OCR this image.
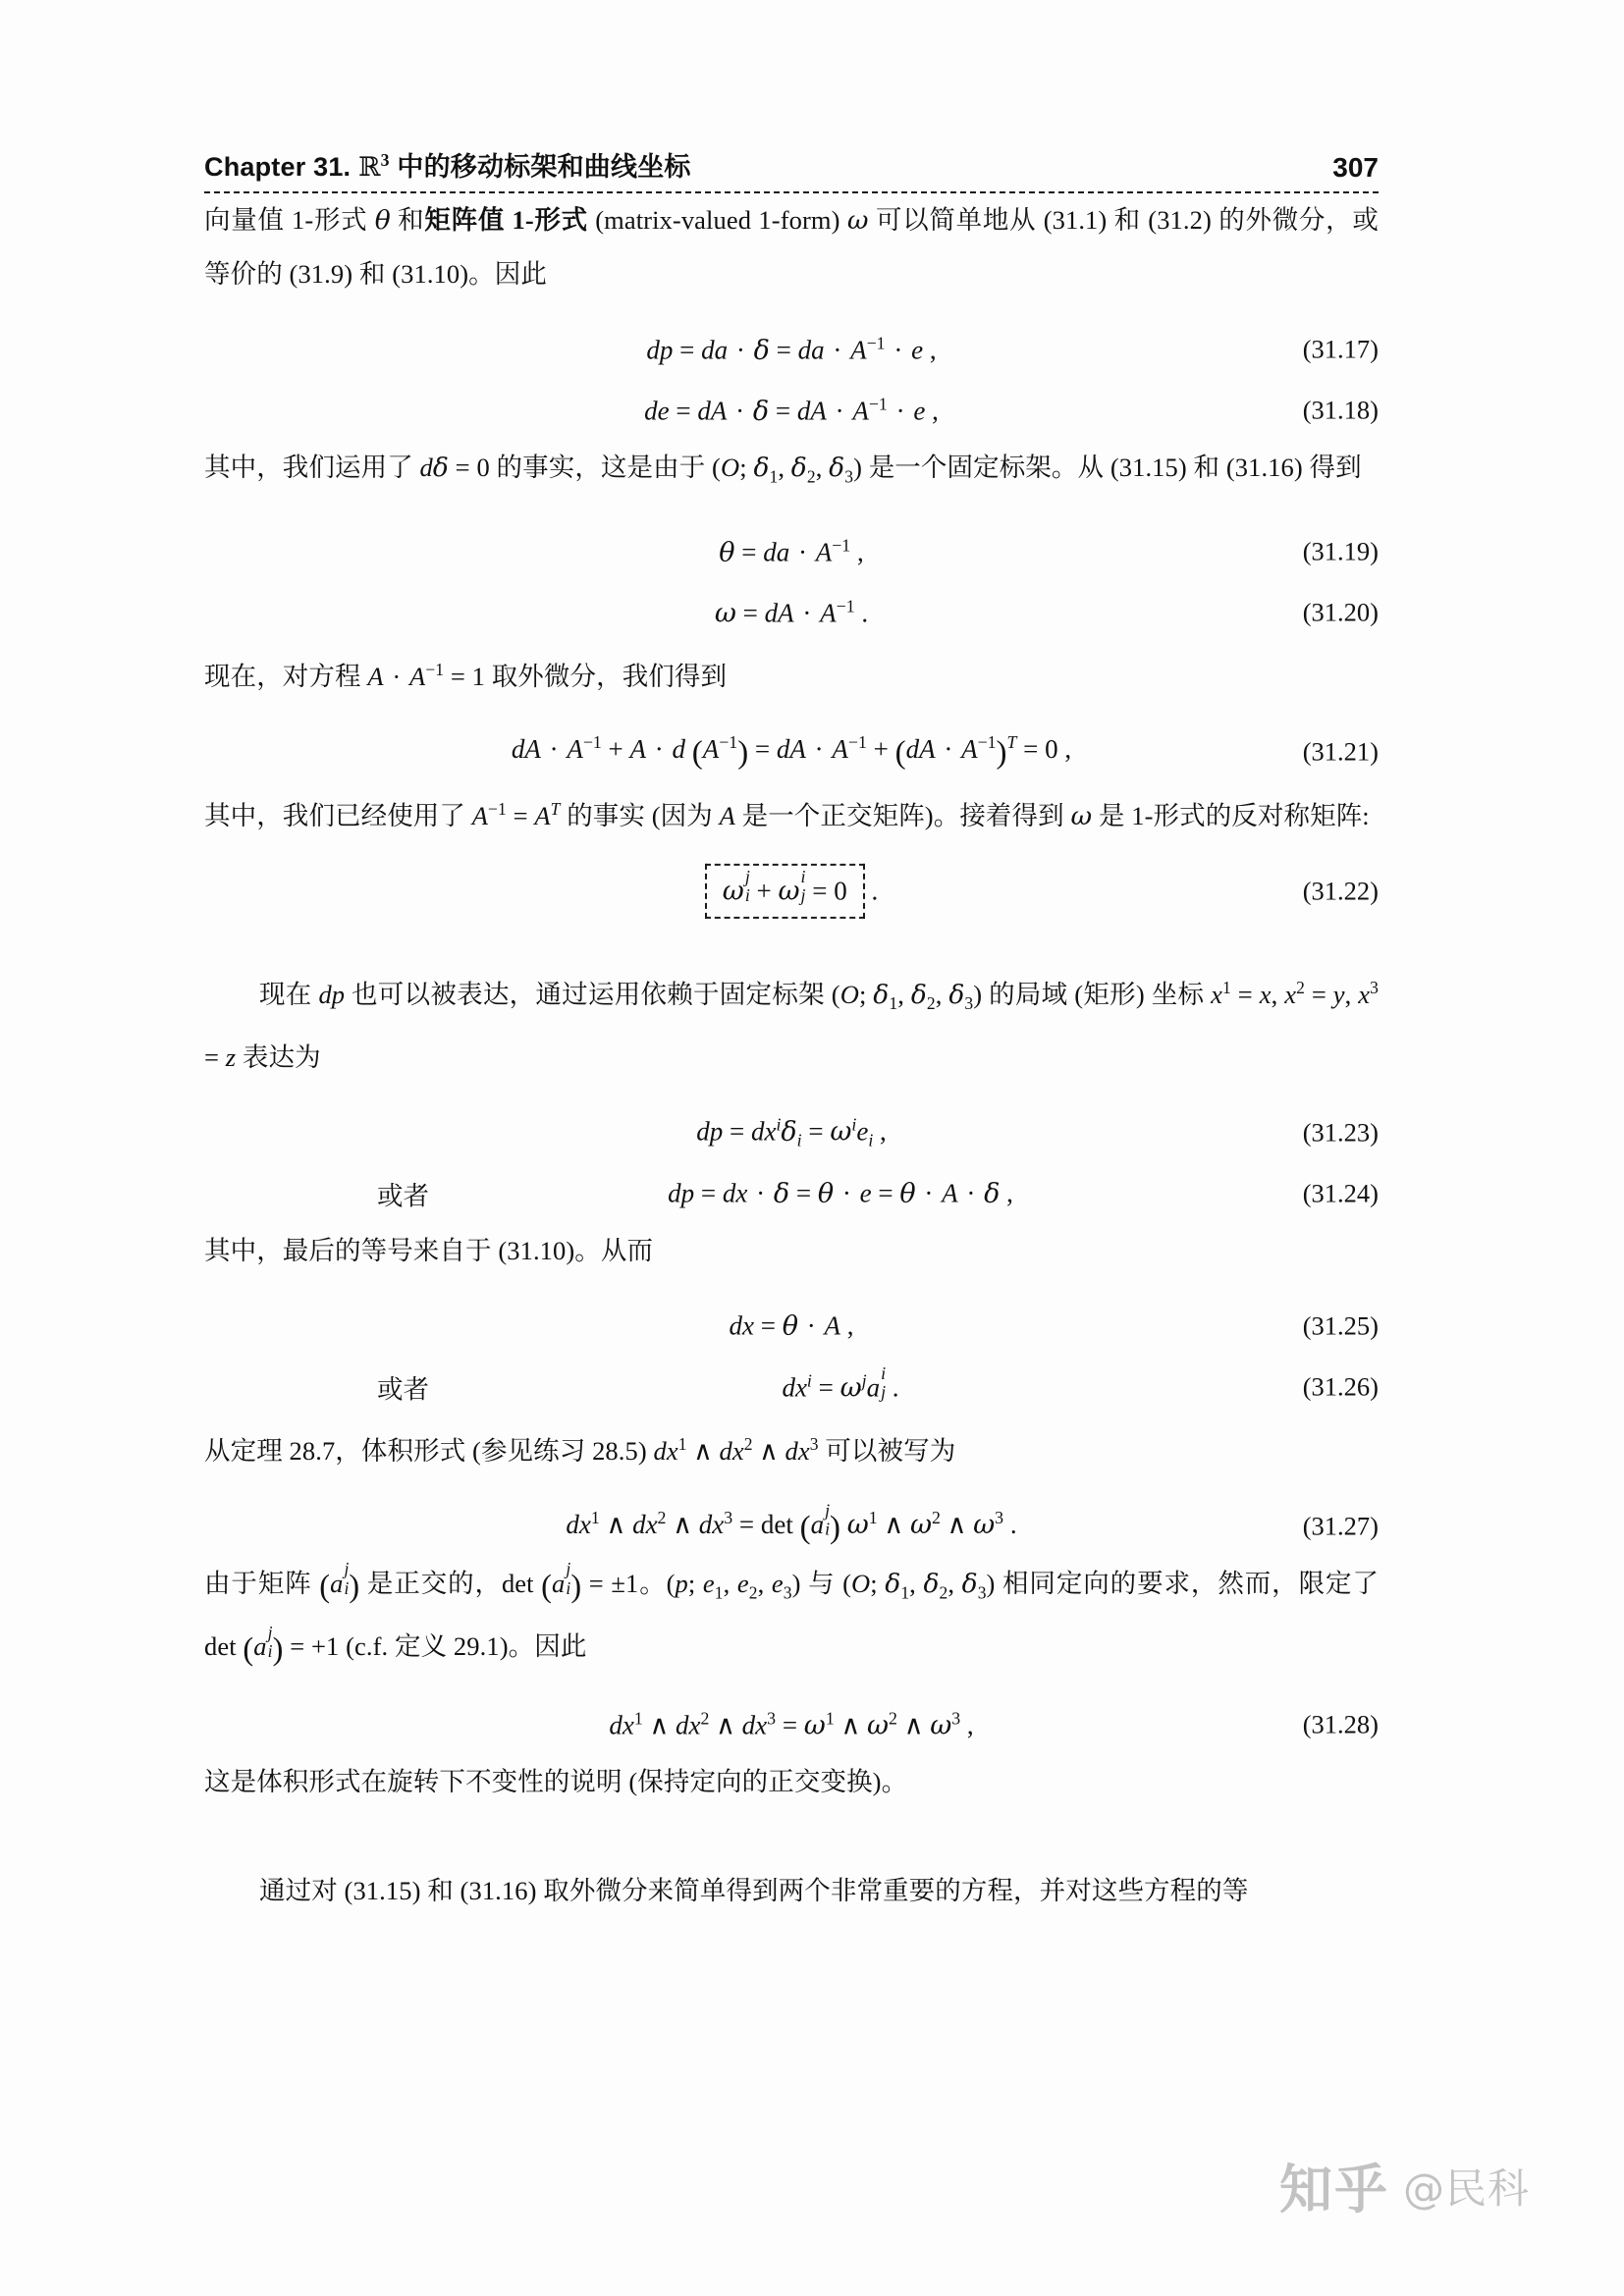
Chapter 31. ℝ$^3$ 中的移动标架和曲线坐标	307

向量值 1-形式 θ 和矩阵值 1-形式 (matrix-valued 1-form) ω 可以简单地从 (31.1) 和 (31.2) 的外微分，或等价的 (31.9) 和 (31.10)。因此

dp = da · δ = da · $A^{-1} \cdot e$ ,	(31.17)
de = dA · δ = dA · $A^{-1} \cdot e$ ,	(31.18)

其中，我们运用了 dδ = 0 的事实，这是由于 (O; $\delta_1$, $\delta_2$, $\delta_3$) 是一个固定标架。从 (31.15) 和 (31.16) 得到

θ = da · $A^{-1}$ ,	(31.19)
ω = dA · $A^{-1}$ .	(31.20)

现在，对方程 $A \cdot A^{-1} = 1$ 取外微分，我们得到

dA · $A^{-1} + A \cdot d$ $(A^{-1})$ = dA · $A^{-1} + (dA \cdot A^{-1})^T = 0$ ,	(31.21)

其中，我们已经使用了 $A^{-1} = A^T$ 的事实 (因为 A 是一个正交矩阵)。接着得到 ω 是 1-形式的反对称矩阵:

ω j
i + ω i
j = 0 .	(31.22)

现在 dp 也可以被表达，通过运用依赖于固定标架 (O; $\delta_1$, $\delta_2$, $\delta_3$) 的局域 (矩形) 坐标 $x^1 = x$, $x^2 = y$, $x^3 = z$ 表达为

dp = $dx^i\delta_i = \omega^ie_i$ ,	(31.23)
或者	dp = dx · δ = θ · e = θ · A · δ ,	(31.24)

其中，最后的等号来自于 (31.10)。从而

dx = θ · A ,	(31.25)
或者	$dx^i = \omega^ja$ i
j .	(31.26)

从定理 28.7，体积形式 (参见练习 28.5) $dx^1$ ∧ $dx^2$ ∧ $dx^3$ 可以被写为

$dx^1$ ∧ $dx^2$ ∧ $dx^3 = \det (a$ j
i ) $\omega^1$ ∧ $\omega^2$ ∧ $\omega^3$ .	(31.27)

由于矩阵 (a j
i ) 是正交的，det (a j
i ) = ±1。(p; $e_1$, $e_2$, $e_3$) 与 (O; $\delta_1$, $\delta_2$, $\delta_3$) 相同定向的要求，然而，限定了 det (a j
i ) = +1 (c.f. 定义 29.1)。因此

$dx^1$ ∧ $dx^2$ ∧ $dx^3 = \omega^1$ ∧ $\omega^2$ ∧ $\omega^3$ ,	(31.28)

这是体积形式在旋转下不变性的说明 (保持定向的正交变换)。

通过对 (31.15) 和 (31.16) 取外微分来简单得到两个非常重要的方程，并对这些方程的等

知乎 @民科
